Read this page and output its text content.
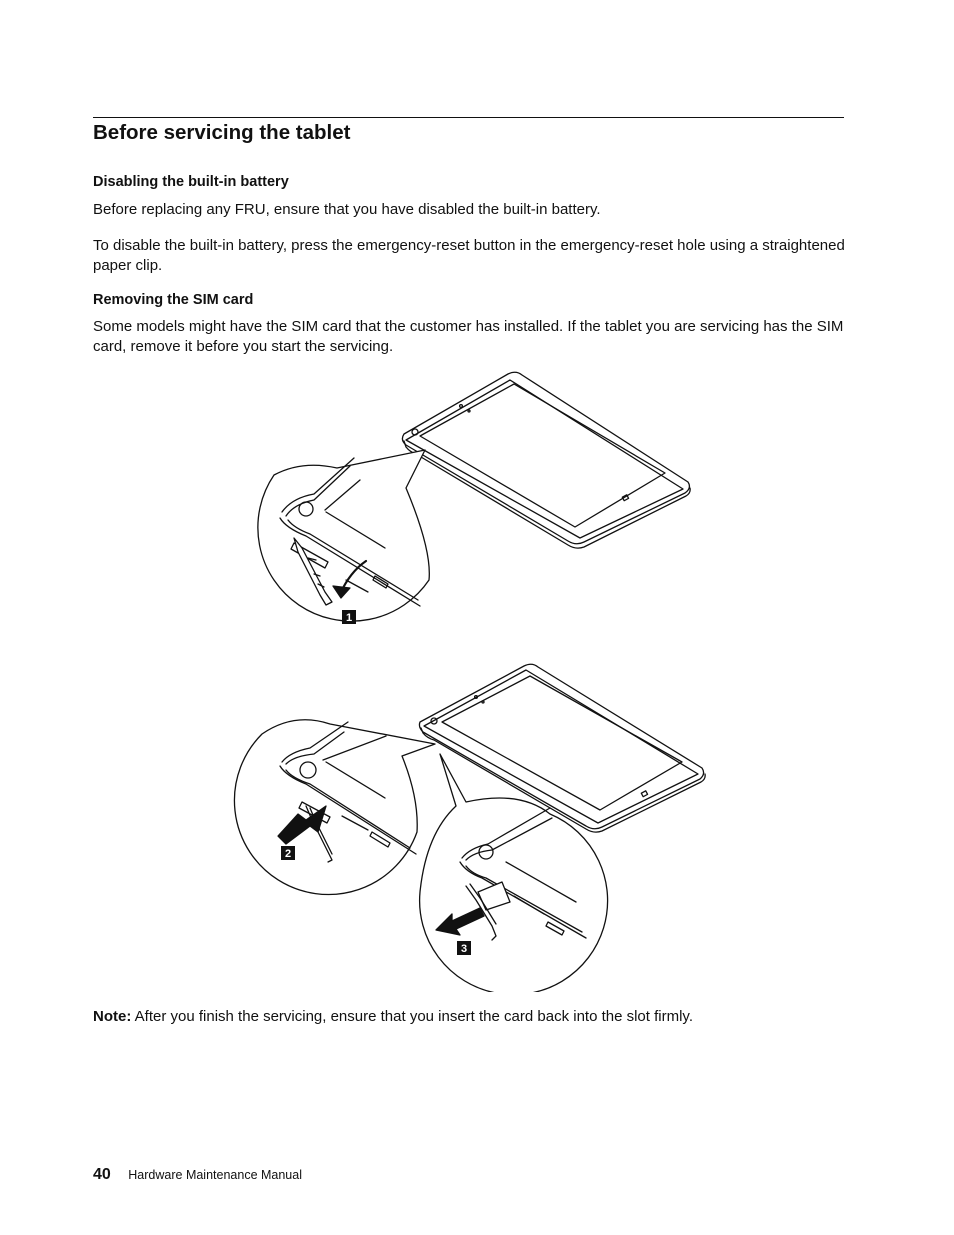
Before servicing the tablet
Disabling the built-in battery

Before replacing any FRU, ensure that you have disabled the built-in battery.

To disable the built-in battery, press the emergency-reset button in the emergency-reset hole using a straightened paper clip.

Removing the SIM card

Some models might have the SIM card that the customer has installed. If the tablet you are servicing has the SIM card, remove it before you start the servicing.

1
2
3

Note: After you finish the servicing, ensure that you insert the card back into the slot firmly.

40 Hardware Maintenance Manual
